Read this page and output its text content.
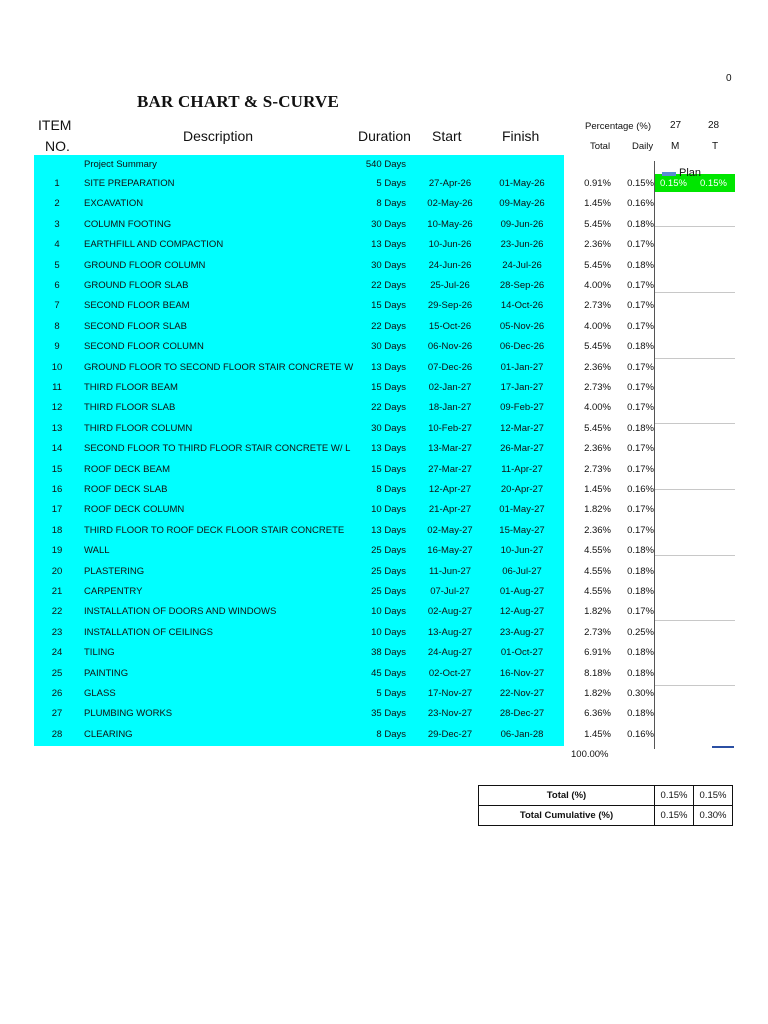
0
BAR CHART & S-CURVE
ITEM
NO.
Description	Duration Start	Finish
Percentage (%)
Total Daily
27	28
M	T
Project Summary	540 Days
1	SITE PREPARATION	5 Days	27-Apr-26	01-May-26	0.91%	0.15%
2	EXCAVATION	8 Days	02-May-26	09-May-26	1.45%	0.16%
3	COLUMN FOOTING	30 Days	10-May-26	09-Jun-26	5.45%	0.18%
4	EARTHFILL AND COMPACTION	13 Days	10-Jun-26	23-Jun-26	2.36%	0.17%
5	GROUND FLOOR COLUMN	30 Days	24-Jun-26	24-Jul-26	5.45%	0.18%
6	GROUND FLOOR SLAB	22 Days	25-Jul-26	28-Sep-26	4.00%	0.17%
7	SECOND FLOOR BEAM	15 Days	29-Sep-26	14-Oct-26	2.73%	0.17%
8	SECOND FLOOR SLAB	22 Days	15-Oct-26	05-Nov-26	4.00%	0.17%
9	SECOND FLOOR COLUMN	30 Days	06-Nov-26	06-Dec-26	5.45%	0.18%
10	GROUND FLOOR TO SECOND FLOOR STAIR CONCRETE W	13 Days	07-Dec-26	01-Jan-27	2.36%	0.17%
11	THIRD FLOOR BEAM	15 Days	02-Jan-27	17-Jan-27	2.73%	0.17%
12	THIRD FLOOR SLAB	22 Days	18-Jan-27	09-Feb-27	4.00%	0.17%
13	THIRD FLOOR COLUMN	30 Days	10-Feb-27	12-Mar-27	5.45%	0.18%
14	SECOND FLOOR TO THIRD FLOOR STAIR CONCRETE W/ L	13 Days	13-Mar-27	26-Mar-27	2.36%	0.17%
15	ROOF DECK BEAM	15 Days	27-Mar-27	11-Apr-27	2.73%	0.17%
16	ROOF DECK SLAB	8 Days	12-Apr-27	20-Apr-27	1.45%	0.16%
17	ROOF DECK COLUMN	10 Days	21-Apr-27	01-May-27	1.82%	0.17%
18	THIRD FLOOR TO ROOF DECK FLOOR STAIR CONCRETE	13 Days	02-May-27	15-May-27	2.36%	0.17%
19	WALL	25 Days	16-May-27	10-Jun-27	4.55%	0.18%
20	PLASTERING	25 Days	11-Jun-27	06-Jul-27	4.55%	0.18%
21	CARPENTRY	25 Days	07-Jul-27	01-Aug-27	4.55%	0.18%
22	INSTALLATION OF DOORS AND WINDOWS	10 Days	02-Aug-27	12-Aug-27	1.82%	0.17%
23	INSTALLATION OF CEILINGS	10 Days	13-Aug-27	23-Aug-27	2.73%	0.25%
24	TILING	38 Days	24-Aug-27	01-Oct-27	6.91%	0.18%
25	PAINTING	45 Days	02-Oct-27	16-Nov-27	8.18%	0.18%
26	GLASS	5 Days	17-Nov-27	22-Nov-27	1.82%	0.30%
27	PLUMBING WORKS	35 Days	23-Nov-27	28-Dec-27	6.36%	0.18%
28	CLEARING	8 Days	29-Dec-27	06-Jan-28	1.45%	0.16%
0.15% 0.15%
Plan
100.00%
Total (%)	0.15%	0.15%
Total Cumulative (%)	0.15%	0.30%
